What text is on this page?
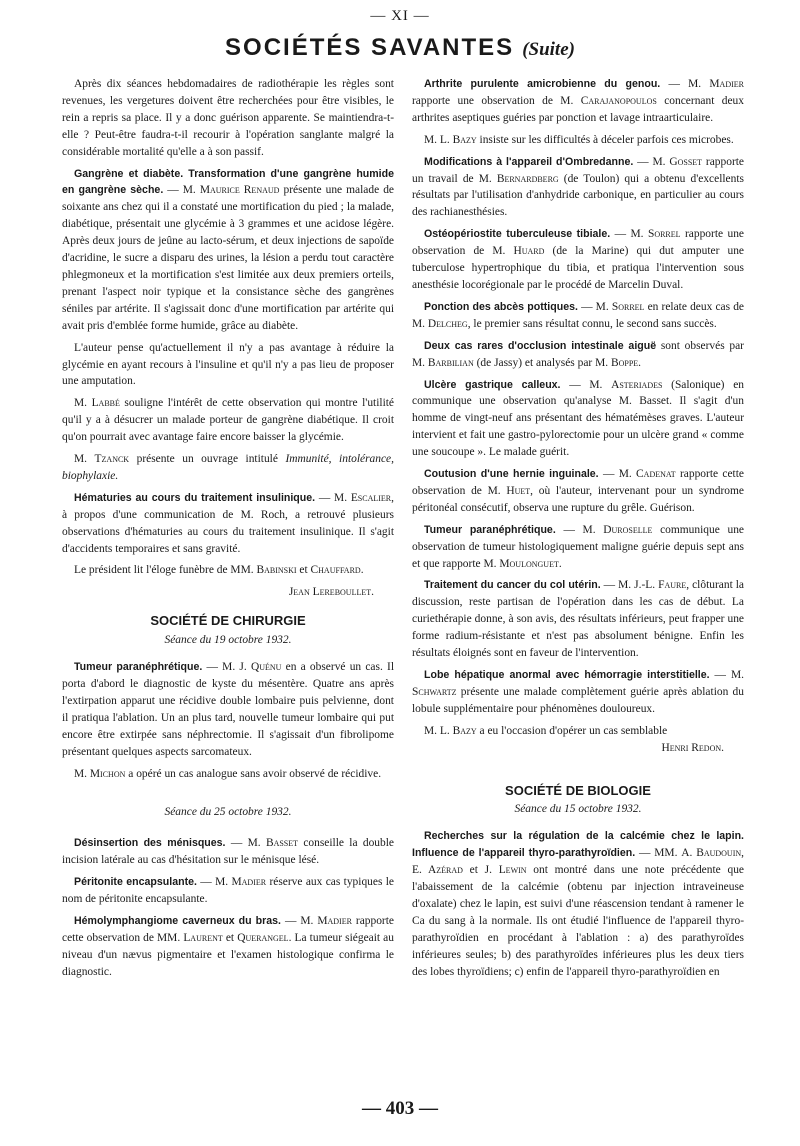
— XI —
SOCIÉTÉS SAVANTES (Suite)

Après dix séances hebdomadaires de radiothérapie les règles sont revenues, les vergetures doivent être recherchées pour être visibles, le rein a repris sa place. Il y a donc guérison apparente. Se maintiendra-t-elle ? Peut-être faudra-t-il recourir à l'opération sanglante malgré la considérable mortalité qu'elle a à son passif.

Gangrène et diabète. Transformation d'une gangrène humide en gangrène sèche. — M. Maurice Renaud présente une malade de soixante ans chez qui il a constaté une mortification du pied ; la malade, diabétique, présentait une glycémie à 3 grammes et une acidose légère. Après deux jours de jeûne au lacto-sérum, et deux injections de sapoïde d'acridine, le sucre a disparu des urines, la lésion a perdu tout caractère phlegmoneux et la mortification s'est limitée aux deux premiers orteils, prenant l'aspect noir typique et la consistance sèche des gangrènes séniles par artérite. Il s'agissait donc d'une mortification par artérite qui avait pris d'emblée forme humide, grâce au diabète.

L'auteur pense qu'actuellement il n'y a pas avantage à réduire la glycémie en ayant recours à l'insuline et qu'il n'y a pas lieu de proposer une amputation.

M. Labbé souligne l'intérêt de cette observation qui montre l'utilité qu'il y a à désucrer un malade porteur de gangrène diabétique. Il croit qu'on pourrait avec avantage faire encore baisser la glycémie.

M. Tzanck présente un ouvrage intitulé Immunité, intolérance, biophylaxie.

Hématuries au cours du traitement insulinique. — M. Escalier, à propos d'une communication de M. Roch, a retrouvé plusieurs observations d'hématuries au cours du traitement insulinique. Il s'agit d'accidents temporaires et sans gravité.

Le président lit l'éloge funèbre de MM. Babinski et Chauffard.

Jean Lereboullet.

SOCIÉTÉ DE CHIRURGIE

Séance du 19 octobre 1932.

Tumeur paranéphrétique. — M. J. Quénu en a observé un cas. Il porta d'abord le diagnostic de kyste du mésentère. Quatre ans après l'extirpation apparut une récidive double lombaire puis pelvienne, dont il pratiqua l'ablation. Un an plus tard, nouvelle tumeur lombaire qui put encore être extirpée sans néphrectomie. Il s'agissait d'un fibrolipome présentant quelques aspects sarcomateux.

M. Michon a opéré un cas analogue sans avoir observé de récidive.

Séance du 25 octobre 1932.

Désinsertion des ménisques. — M. Basset conseille la double incision latérale au cas d'hésitation sur le ménisque lésé.

Péritonite encapsulante. — M. Madier réserve aux cas typiques le nom de péritonite encapsulante.

Hémolymphangiome caverneux du bras. — M. Madier rapporte cette observation de MM. Laurent et Querangel. La tumeur siégeait au niveau d'un nævus pigmentaire et l'examen histologique confirma le diagnostic.

Arthrite purulente amicrobienne du genou. — M. Madier rapporte une observation de M. Carajanopoulos concernant deux arthrites aseptiques guéries par ponction et lavage intraarticulaire.

M. L. Bazy insiste sur les difficultés à déceler parfois ces microbes.

Modifications à l'appareil d'Ombredanne. — M. Gosset rapporte un travail de M. Bernardberg (de Toulon) qui a obtenu d'excellents résultats par l'utilisation d'anhydride carbonique, en particulier au cours des rachianesthésies.

Ostéopériostite tuberculeuse tibiale. — M. Sorrel rapporte une observation de M. Huard (de la Marine) qui dut amputer une tuberculose hypertrophique du tibia, et pratiqua l'intervention sous anesthésie locorégionale par le procédé de Marcelin Duval.

Ponction des abcès pottiques. — M. Sorrel en relate deux cas de M. Delcheg, le premier sans résultat connu, le second sans succès.

Deux cas rares d'occlusion intestinale aiguë sont observés par M. Barbilian (de Jassy) et analysés par M. Boppe.

Ulcère gastrique calleux. — M. Asteriades (Salonique) en communique une observation qu'analyse M. Basset. Il s'agit d'un homme de vingt-neuf ans présentant des hématémèses graves. L'auteur intervient et fait une gastro-pylorectomie pour un ulcère grand « comme une soucoupe ». Le malade guérit.

Coutusion d'une hernie inguinale. — M. Cadenat rapporte cette observation de M. Huet, où l'auteur, intervenant pour un syndrome péritonéal consécutif, observa une rupture du grêle. Guérison.

Tumeur paranéphrétique. — M. Duroselle communique une observation de tumeur histologiquement maligne guérie depuis sept ans et que rapporte M. Moulonguet.

Traitement du cancer du col utérin. — M. J.-L. Faure, clôturant la discussion, reste partisan de l'opération dans les cas de début. La curiethérapie donne, à son avis, des résultats inférieurs, peut frapper une forme radium-résistante et n'est pas absolument bénigne. Enfin les résultats éloignés sont en faveur de l'intervention.

Lobe hépatique anormal avec hémorragie interstitielle. — M. Schwartz présente une malade complètement guérie après ablation du lobule supplémentaire pour phénomènes douloureux.

M. L. Bazy a eu l'occasion d'opérer un cas semblable

Henri Redon.

SOCIÉTÉ DE BIOLOGIE

Séance du 15 octobre 1932.

Recherches sur la régulation de la calcémie chez le lapin. Influence de l'appareil thyro-parathyroïdien. — MM. A. Baudouin, E. Azérad et J. Lewin ont montré dans une note précédente que l'abaissement de la calcémie (obtenu par injection intraveineuse d'oxalate) chez le lapin, est suivi d'une réascension tendant à ramener le Ca du sang à la normale. Ils ont étudié l'influence de l'appareil thyro-parathyroïdien en procédant à l'ablation : a) des parathyroïdes inférieures seules; b) des parathyroïdes inférieures plus les deux tiers des lobes thyroïdiens; c) enfin de l'appareil thyro-parathyroïdien en

— 403 —
